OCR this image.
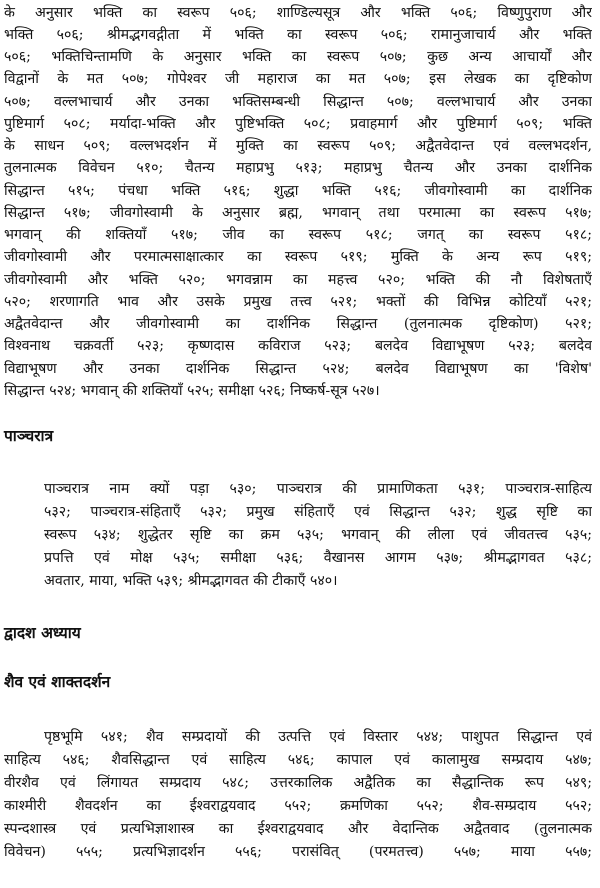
के अनुसार भक्ति का स्वरूप ५०६; शाण्डिल्यसूत्र और भक्ति ५०६; विष्णुपुराण और
भक्ति ५०६; श्रीमद्भगवद्गीता में भक्ति का स्वरूप ५०६; रामानुजाचार्य और भक्ति
५०६; भक्तिचिन्तामणि के अनुसार भक्ति का स्वरूप ५०७; कुछ अन्य आचार्यों और
विद्वानों के मत ५०७; गोपेश्वर जी महाराज का मत ५०७; इस लेखक का दृष्टिकोण
५०७; वल्लभाचार्य और उनका भक्तिसम्बन्धी सिद्धान्त ५०७; वल्लभाचार्य और उनका
पुष्टिमार्ग ५०८; मर्यादा-भक्ति और पुष्टिभक्ति ५०८; प्रवाहमार्ग और पुष्टिमार्ग ५०९; भक्ति
के साधन ५०९; वल्लभदर्शन में मुक्ति का स्वरूप ५०९; अद्वैतवेदान्त एवं वल्लभदर्शन,
तुलनात्मक विवेचन ५१०; चैतन्य महाप्रभु ५१३; महाप्रभु चैतन्य और उनका दार्शनिक
सिद्धान्त ५१५; पंचधा भक्ति ५१६; शुद्धा भक्ति ५१६; जीवगोस्वामी का दार्शनिक
सिद्धान्त ५१७; जीवगोस्वामी के अनुसार ब्रह्म, भगवान् तथा परमात्मा का स्वरूप ५१७;
भगवान् की शक्तियाँ ५१७; जीव का स्वरूप ५१८; जगत् का स्वरूप ५१८;
जीवगोस्वामी और परमात्मसाक्षात्कार का स्वरूप ५१९; मुक्ति के अन्य रूप ५१९;
जीवगोस्वामी और भक्ति ५२०; भगवन्नाम का महत्त्व ५२०; भक्ति की नौ विशेषताएँ
५२०; शरणागति भाव और उसके प्रमुख तत्त्व ५२१; भक्तों की विभिन्न कोटियाँ ५२१;
अद्वैतवेदान्त और जीवगोस्वामी का दार्शनिक सिद्धान्त (तुलनात्मक दृष्टिकोण) ५२१;
विश्वनाथ चक्रवर्ती ५२३; कृष्णदास कविराज ५२३; बलदेव विद्याभूषण ५२३; बलदेव
विद्याभूषण और उनका दार्शनिक सिद्धान्त ५२४; बलदेव विद्याभूषण का 'विशेष'
सिद्धान्त ५२४; भगवान् की शक्तियाँ ५२५; समीक्षा ५२६; निष्कर्ष-सूत्र ५२७।
पाञ्चरात्र
पाञ्चरात्र नाम क्यों पड़ा ५३०; पाञ्चरात्र की प्रामाणिकता ५३१; पाञ्चरात्र-साहित्य
५३२; पाञ्चरात्र-संहिताएँ ५३२; प्रमुख संहिताएँ एवं सिद्धान्त ५३२; शुद्ध सृष्टि का
स्वरूप ५३४; शुद्धेतर सृष्टि का क्रम ५३५; भगवान् की लीला एवं जीवतत्त्व ५३५;
प्रपत्ति एवं मोक्ष ५३५; समीक्षा ५३६; वैखानस आगम ५३७; श्रीमद्भागवत ५३८;
अवतार, माया, भक्ति ५३९; श्रीमद्भागवत की टीकाएँ ५४०।
द्वादश अध्याय
शैव एवं शाक्तदर्शन
पृष्ठभूमि ५४१; शैव सम्प्रदायों की उत्पत्ति एवं विस्तार ५४४; पाशुपत सिद्धान्त एवं
साहित्य ५४६; शैवसिद्धान्त एवं साहित्य ५४६; कापाल एवं कालामुख सम्प्रदाय ५४७;
वीरशैव एवं लिंगायत सम्प्रदाय ५४८; उत्तरकालिक अद्वैतिक का सैद्धान्तिक रूप ५४९;
काश्मीरी शैवदर्शन का ईश्वराद्वयवाद ५५२; क्रमणिका ५५२; शैव-सम्प्रदाय ५५२;
स्पन्दशास्त्र एवं प्रत्यभिज्ञाशास्त्र का ईश्वराद्वयवाद और वेदान्तिक अद्वैतवाद (तुलनात्मक
विवेचन) ५५५; प्रत्यभिज्ञादर्शन ५५६; परासंवित् (परमतत्त्व) ५५७; माया ५५७;
